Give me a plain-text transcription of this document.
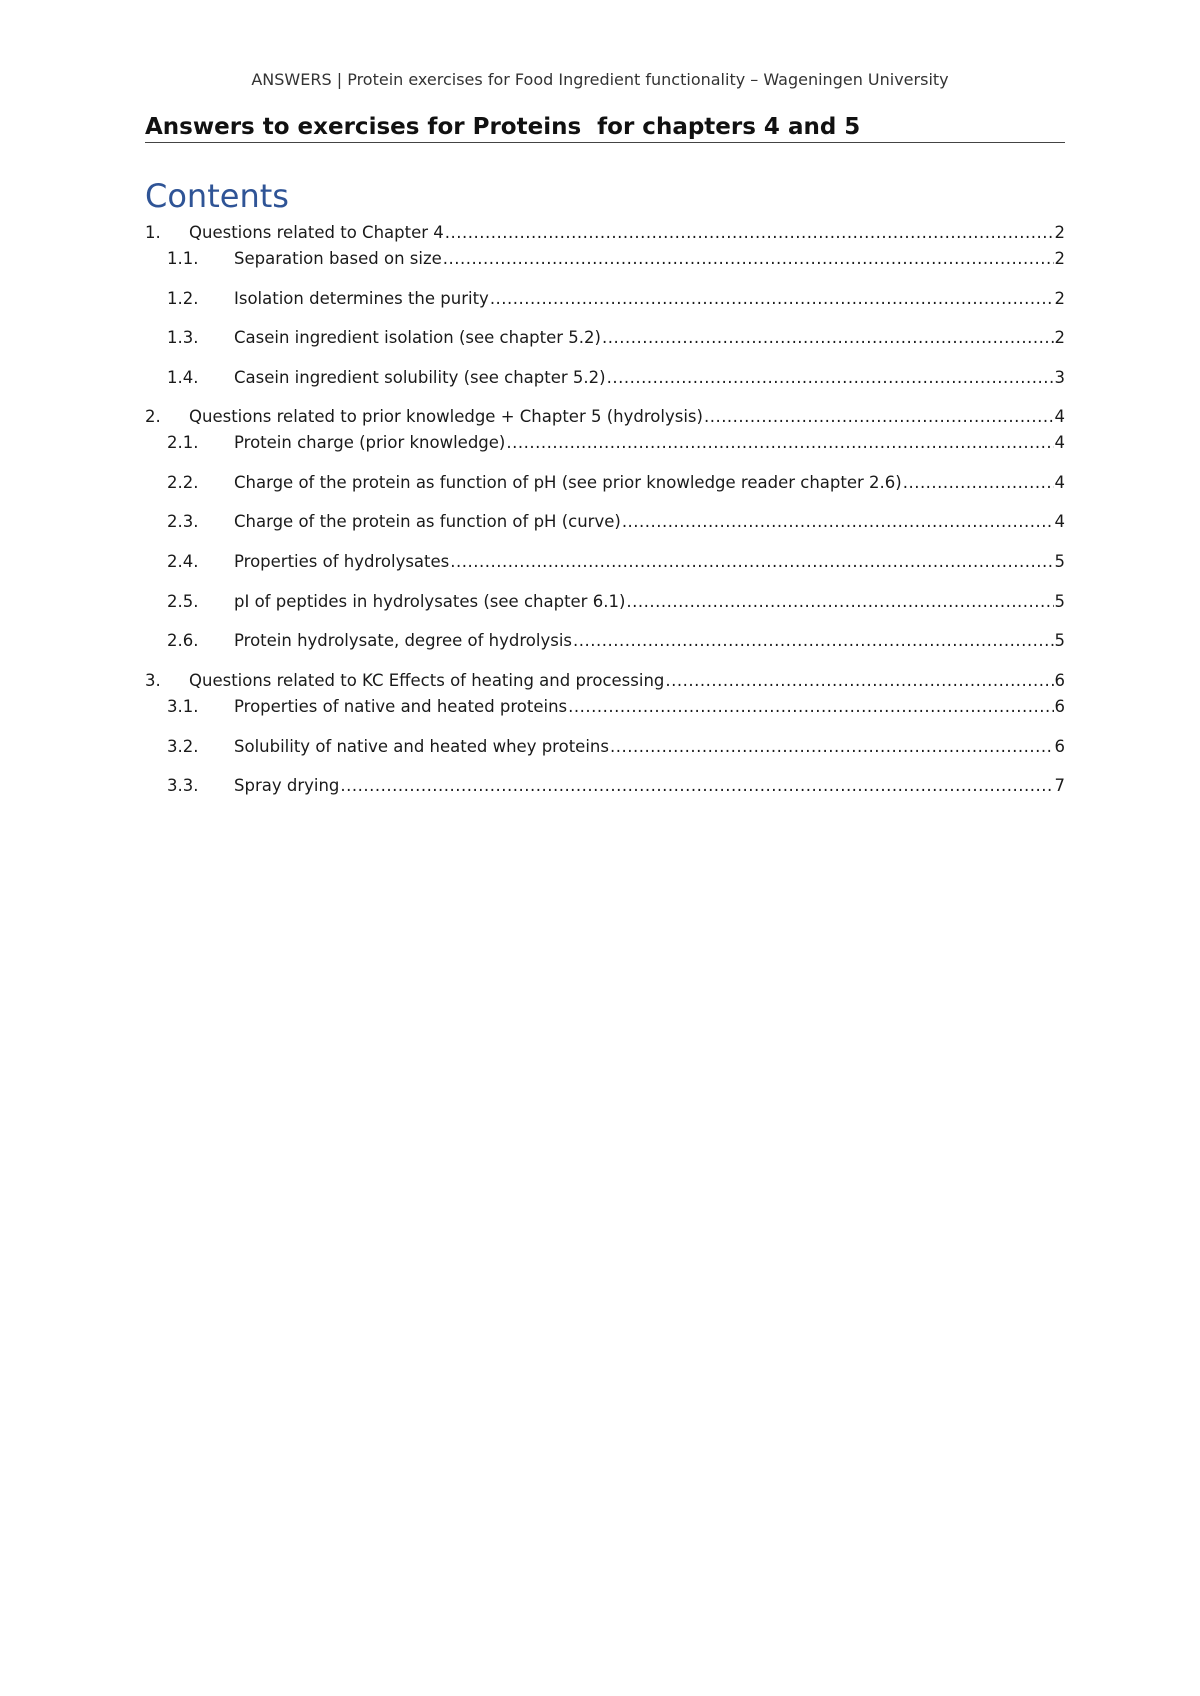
ANSWERS | Protein exercises for Food Ingredient functionality – Wageningen University
Answers to exercises for Proteins  for chapters 4 and 5
Contents
1.	Questions related to Chapter 4 .....	2
1.1.	Separation based on size .....	2
1.2.	Isolation determines the purity .....	2
1.3.	Casein ingredient isolation (see chapter 5.2) .....	2
1.4.	Casein ingredient solubility (see chapter 5.2) .....	3
2.	Questions related to prior knowledge + Chapter 5 (hydrolysis) .....	4
2.1.	Protein charge (prior knowledge) .....	4
2.2.	Charge of the protein as function of pH (see prior knowledge reader chapter 2.6) .....	4
2.3.	Charge of the protein as function of pH (curve) .....	4
2.4.	Properties of hydrolysates .....	5
2.5.	pI of peptides in hydrolysates (see chapter 6.1) .....	5
2.6.	Protein hydrolysate, degree of hydrolysis .....	5
3.	Questions related to KC Effects of heating and processing .....	6
3.1.	Properties of native and heated proteins .....	6
3.2.	Solubility of native and heated whey proteins .....	6
3.3.	Spray drying .....	7
